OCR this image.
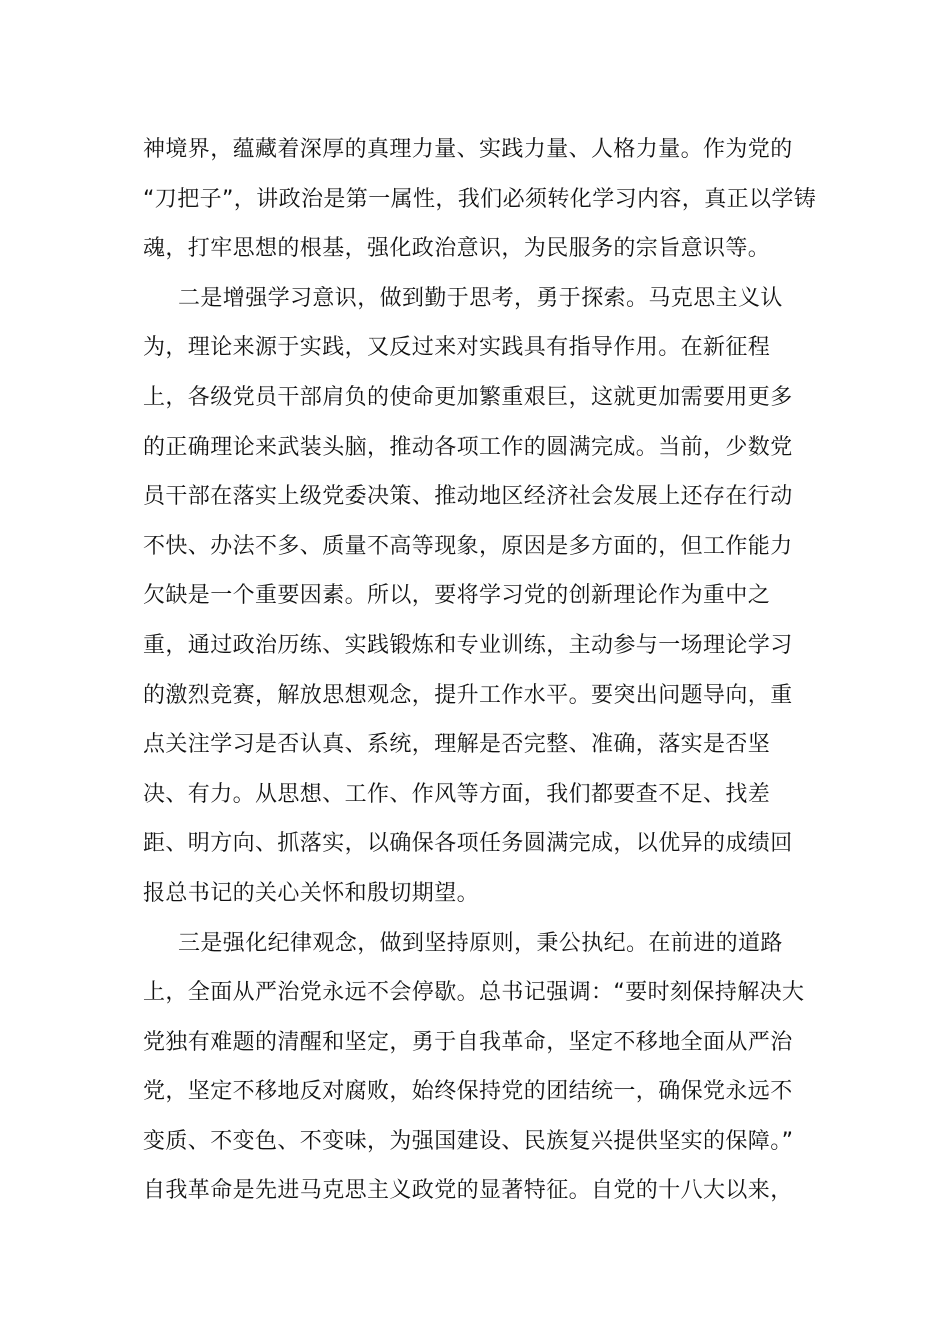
神境界，蕴藏着深厚的真理力量、实践力量、人格力量。作为党的
“刀把子”，讲政治是第一属性，我们必须转化学习内容，真正以学铸
魂，打牢思想的根基，强化政治意识，为民服务的宗旨意识等。
二是增强学习意识，做到勤于思考，勇于探索。马克思主义认
为，理论来源于实践，又反过来对实践具有指导作用。在新征程
上，各级党员干部肩负的使命更加繁重艰巨，这就更加需要用更多
的正确理论来武装头脑，推动各项工作的圆满完成。当前，少数党
员干部在落实上级党委决策、推动地区经济社会发展上还存在行动
不快、办法不多、质量不高等现象，原因是多方面的，但工作能力
欠缺是一个重要因素。所以，要将学习党的创新理论作为重中之
重，通过政治历练、实践锻炼和专业训练，主动参与一场理论学习
的激烈竞赛，解放思想观念，提升工作水平。要突出问题导向，重
点关注学习是否认真、系统，理解是否完整、准确，落实是否坚
决、有力。从思想、工作、作风等方面，我们都要查不足、找差
距、明方向、抓落实，以确保各项任务圆满完成，以优异的成绩回
报总书记的关心关怀和殷切期望。
三是强化纪律观念，做到坚持原则，秉公执纪。在前进的道路
上，全面从严治党永远不会停歇。总书记强调：“要时刻保持解决大
党独有难题的清醒和坚定，勇于自我革命，坚定不移地全面从严治
党，坚定不移地反对腐败，始终保持党的团结统一，确保党永远不
变质、不变色、不变味，为强国建设、民族复兴提供坚实的保障。”
自我革命是先进马克思主义政党的显著特征。自党的十八大以来，
